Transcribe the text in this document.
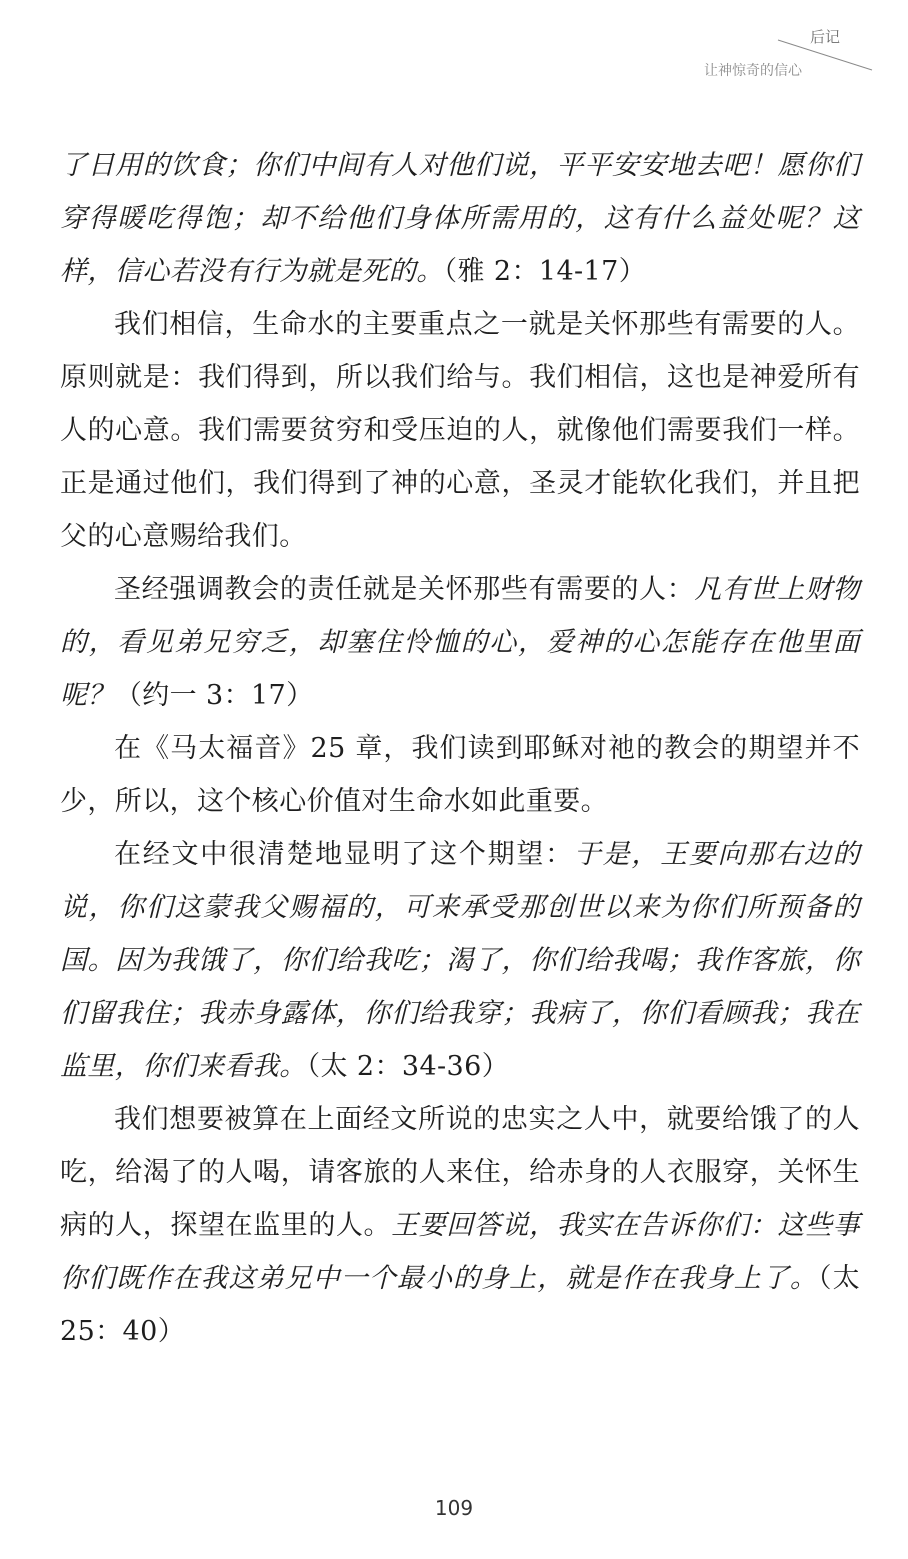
后记
让神惊奇的信心

了日用的饮食；你们中间有人对他们说，平平安安地去吧！愿你们穿得暖吃得饱；却不给他们身体所需用的，这有什么益处呢？这样，信心若没有行为就是死的。（雅 2：14-17）

我们相信，生命水的主要重点之一就是关怀那些有需要的人。原则就是：我们得到，所以我们给与。我们相信，这也是神爱所有人的心意。我们需要贫穷和受压迫的人，就像他们需要我们一样。正是通过他们，我们得到了神的心意，圣灵才能软化我们，并且把父的心意赐给我们。

圣经强调教会的责任就是关怀那些有需要的人：凡有世上财物的，看见弟兄穷乏，却塞住怜恤的心，爱神的心怎能存在他里面呢？（约一 3：17）

在《马太福音》25 章，我们读到耶稣对祂的教会的期望并不少，所以，这个核心价值对生命水如此重要。

在经文中很清楚地显明了这个期望：于是，王要向那右边的说，你们这蒙我父赐福的，可来承受那创世以来为你们所预备的国。因为我饿了，你们给我吃；渴了，你们给我喝；我作客旅，你们留我住；我赤身露体，你们给我穿；我病了，你们看顾我；我在监里，你们来看我。（太 2：34-36）

我们想要被算在上面经文所说的忠实之人中，就要给饿了的人吃，给渴了的人喝，请客旅的人来住，给赤身的人衣服穿，关怀生病的人，探望在监里的人。王要回答说，我实在告诉你们：这些事你们既作在我这弟兄中一个最小的身上，就是作在我身上了。（太 25：40）

109
